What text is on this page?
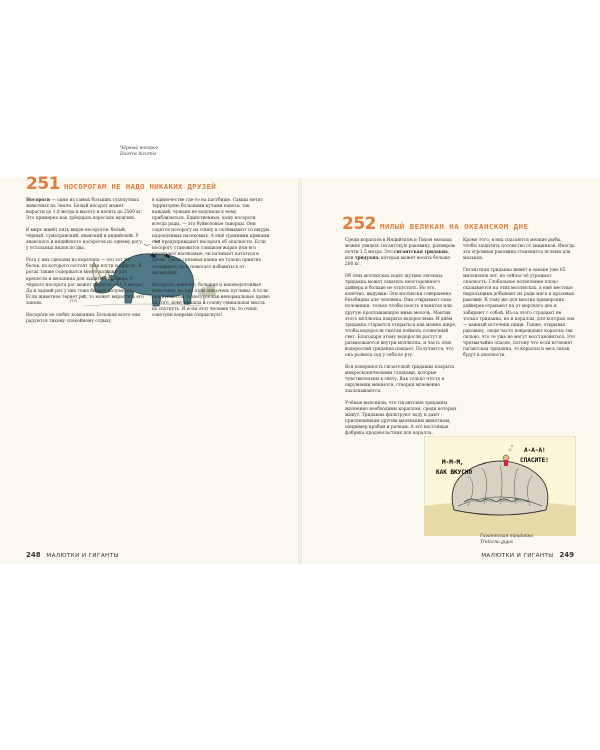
Чёрный носорог
Diceros bicornis
251 НОСОРОГАМ НЕ НАДО НИКАКИХ ДРУЗЕЙ

Носороги — одни из самых больших сухопутных животных на Земле. Белый носорог может вырасти до 1,8 метра в высоту и весить до 2500 кг. Это примерно как трёхдцать взрослых мужчин.

В мире живёт пять видов носорогов: белый, чёрный, суматранский, яванский и индийский. У яванского и индийского носорогов по одному рогу, у остальных видов по два.

Рога у них сделаны из кератина — это тот же белок, из которого состоят твои ногти и волосы. В рогах также содержатся много кальция для крепости и меланина для защиты от солнца. У чёрного носорога рог может вырасти до 1,5 метра! Да и задний рог у них тоже бывает полуметра. Если животное теряет рог, то может вырастить его заново.

Носороги не любят компании. Большая всего они радуются тихому спокойному отдыху

в одиночестве где-то на пастбище. Самцы метят территорию большими кучами навоза: так каждый, чужаки не вздумали к нему приблизиться. Единственные, кому носороги всегда рады, — это буйволовые скворцы. Они садятся носорогу на спину и склёвывают со шкуры надоедливых насекомых. А ещё громкими криками они предупреждают носорога об опасности. Если носорогу становится слишком жарко или его одолевают насекомые, он начинает кататься в грязи. Такая грязевая ванна не только приятно охлаждает, но и помогает избавиться от насекомых.

Носороги, конечно, большие и неповоротливые животные, но при этом они очень пугливы. А если они пугаются, то несутся как ненормальные прямо на того, кому пришла в голову гениальная мысль их спугнуть. И если этот человек ты, то очень советуем вовремя отпрыгнуть!

248 МАЛЮТКИ И ГИГАНТЫ
252 МИЛЫЙ ВЕЛИКАН НА ОКЕАНСКОМ ДНЕ

Среди кораллов в Индийском и Тихом океанах можно увидеть гигантскую раковину, размером почти 1,5 метра. Это гигантская тридакна, или тридукна, которая может весить больше 200 кг.

Об этих моллюсках ходят жуткие легенды: тридакна может схватить неосторожного дайвера и больше не отпустить. Но это, конечно, выдумки. Эти моллюски совершенно безобидны для человека. Они открывают свои половинки, только чтобы поесть планктон или другую проплывающую мимо мелочь. Мантия этого моллюска покрыта водорослями. И днём тридакна старается открыться как можно шире, чтобы водоросли смогли поймать солнечный свет. Благодаря этому водоросли растут и размножаются внутри моллюска, и часть этих водорослей тридакна поедает. Получается, что она развела сад у себя во рту.

Вся поверхность гигантской тридакны покрыта микроскопическими глазками, которые чувствительны к свету. Как только что-то в окружении меняется, створки мгновенно захлопываются.

Учёные выяснили, что гигантские тридакны жизненно необходимы кораллам, среди которых живут. Тридакны фильтруют воду и дают приспешникам другим маленьким животным, например крабам и рачкам. А это настоящая фабрика продовольствия для коралла.

Кроме того, в них спасаются мелкие рыбы, чтобы защитить потомство от хищников. Иногда эта огромная раковина становится яслями для мальков.

Гигантская тридакна живёт в океане уже 65 миллионов лет, но сейчас её угрожает опасность. Глобальное потепление плохо сказывается на этих моллюсках, а ещё местные ныряльщики добывают их ради мяса и красивых раковин. К тому же для многих приморских дайверов отрывают на от морского дна и забирают с собой. Из-за этого страдают не только тридакна, но и кораллы, для которых она — важный источник пищи. Также, открывая раковину, люди часто повреждают кораллы так сильно, что те уже не могут восстановиться. Это чрезвычайно опасно, потому что если исчезнет гигантская тридакна, то кораллы и весь океан будут в опасности.

М-М-М,
КАК ВКУСНО
А-А-А!
СПАСИТЕ!
Гигантская тридакна
Tridacna gigas
МАЛЮТКИ И ГИГАНТЫ 249
